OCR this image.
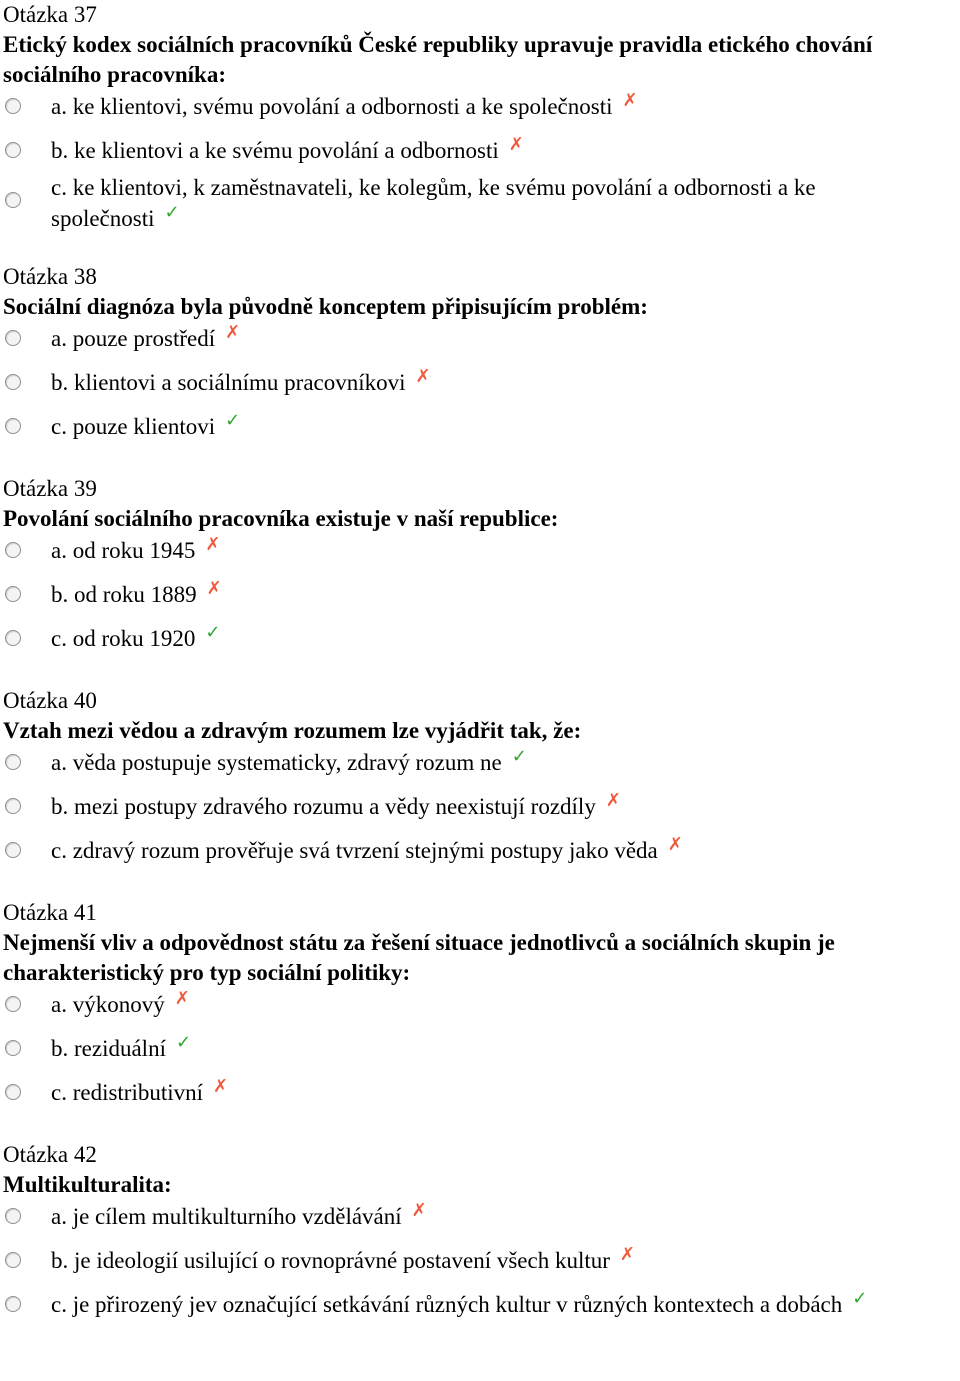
Otázka 37
Etický kodex sociálních pracovníků České republiky upravuje pravidla etického chování sociálního pracovníka:
a. ke klientovi, svému povolání a odbornosti a ke společnosti ✗
b. ke klientovi a ke svému povolání a odbornosti ✗
c. ke klientovi, k zaměstnavateli, ke kolegům, ke svému povolání a odbornosti a ke společnosti ✓
Otázka 38
Sociální diagnóza byla původně konceptem připisujícím problém:
a. pouze prostředí ✗
b. klientovi a sociálnímu pracovníkovi ✗
c. pouze klientovi ✓
Otázka 39
Povolání sociálního pracovníka existuje v naší republice:
a. od roku 1945 ✗
b. od roku 1889 ✗
c. od roku 1920 ✓
Otázka 40
Vztah mezi vědou a zdravým rozumem lze vyjádřit tak, že:
a. věda postupuje systematicky, zdravý rozum ne ✓
b. mezi postupy zdravého rozumu a vědy neexistují rozdíly ✗
c. zdravý rozum prověřuje svá tvrzení stejnými postupy jako věda ✗
Otázka 41
Nejmenší vliv a odpovědnost státu za řešení situace jednotlivců a sociálních skupin je charakteristický pro typ sociální politiky:
a. výkonový ✗
b. reziduální ✓
c. redistributivní ✗
Otázka 42
Multikulturalita:
a. je cílem multikulturního vzdělávání ✗
b. je ideologií usilující o rovnoprávné postavení všech kultur ✗
c. je přirozený jev označující setkávání různých kultur v různých kontextech a dobách ✓
